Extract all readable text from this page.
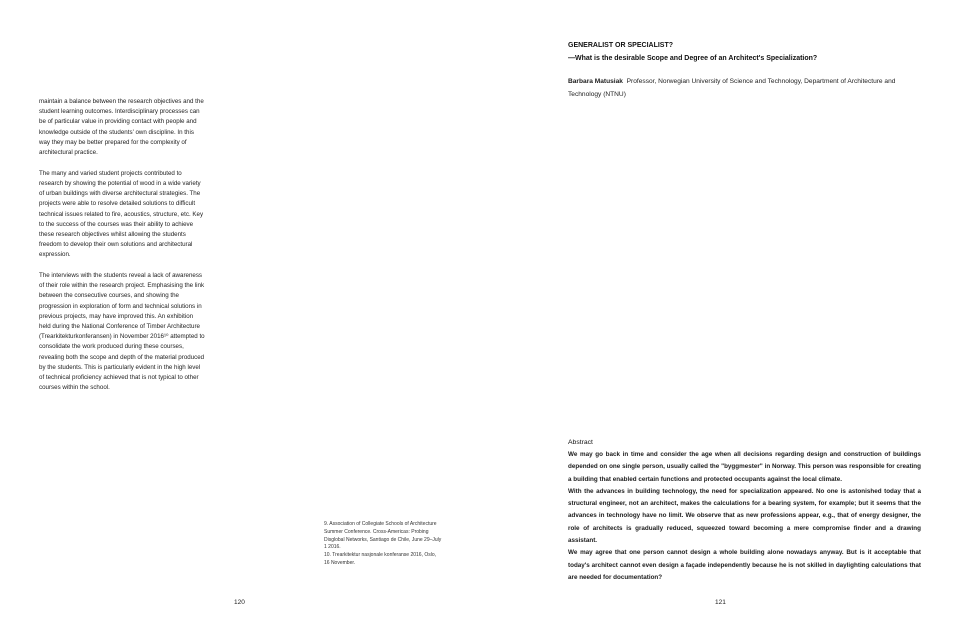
maintain a balance between the research objectives and the student learning outcomes. Interdisciplinary processes can be of particular value in providing contact with people and knowledge outside of the students' own discipline. In this way they may be better prepared for the complexity of architectural practice.

The many and varied student projects contributed to research by showing the potential of wood in a wide variety of urban buildings with diverse architectural strategies. The projects were able to resolve detailed solutions to difficult technical issues related to fire, acoustics, structure, etc. Key to the success of the courses was their ability to achieve these research objectives whilst allowing the students freedom to develop their own solutions and architectural expression.

The interviews with the students reveal a lack of awareness of their role within the research project. Emphasising the link between the consecutive courses, and showing the progression in exploration of form and technical solutions in previous projects, may have improved this. An exhibition held during the National Conference of Timber Architecture (Trearkitekturkonferansen) in November 2016¹⁰ attempted to consolidate the work produced during these courses, revealing both the scope and depth of the material produced by the students. This is particularly evident in the high level of technical proficiency achieved that is not typical to other courses within the school.

9. Association of Collegiate Schools of Architecture Summer Conference. Cross-Americas: Probing Disglobal Networks, Santiago de Chile, June 29–July 1 2016.

10. Trearkitektur nasjonale konferanse 2016, Oslo, 16 November.

120
GENERALIST OR SPECIALIST?
—What is the desirable Scope and Degree of an Architect's Specialization?
Barbara Matusiak Professor, Norwegian University of Science and Technology, Department of Architecture and Technology (NTNU)
Abstract

We may go back in time and consider the age when all decisions regarding design and construction of buildings depended on one single person, usually called the "byggmester" in Norway. This person was responsible for creating a building that enabled certain functions and protected occupants against the local climate.

With the advances in building technology, the need for specialization appeared. No one is astonished today that a structural engineer, not an architect, makes the calculations for a bearing system, for example; but it seems that the advances in technology have no limit. We observe that as new professions appear, e.g., that of energy designer, the role of architects is gradually reduced, squeezed toward becoming a mere compromise finder and a drawing assistant.

We may agree that one person cannot design a whole building alone nowadays anyway. But is it acceptable that today's architect cannot even design a façade independently because he is not skilled in daylighting calculations that are needed for documentation?

121
